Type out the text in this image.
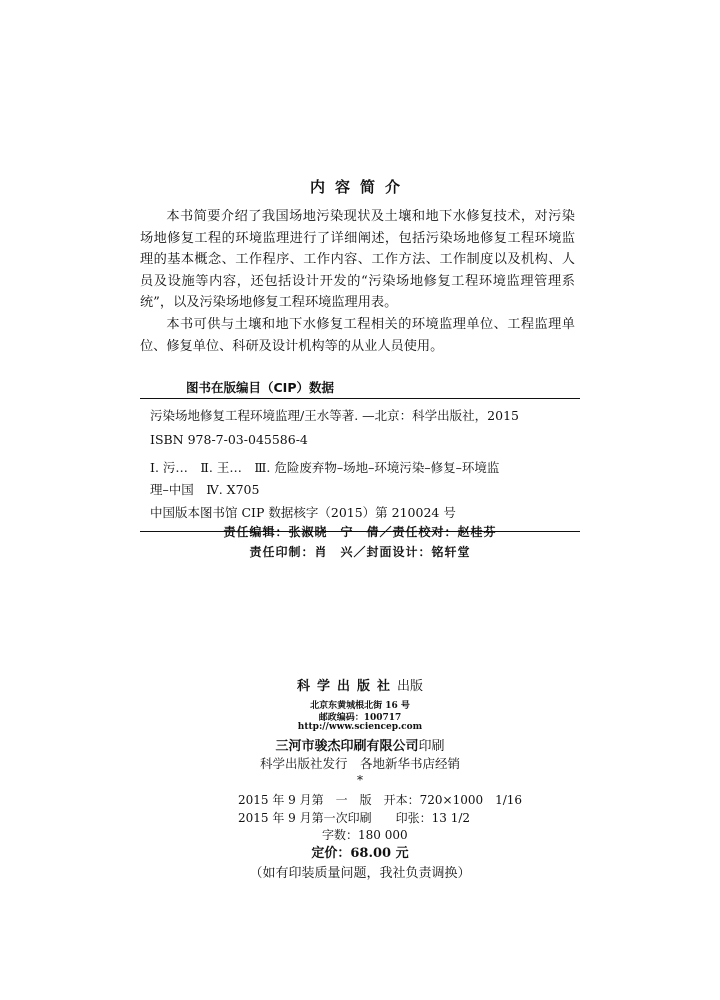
内容简介

本书简要介绍了我国场地污染现状及土壤和地下水修复技术，对污染场地修复工程的环境监理进行了详细阐述，包括污染场地修复工程环境监理的基本概念、工作程序、工作内容、工作方法、工作制度以及机构、人员及设施等内容，还包括设计开发的“污染场地修复工程环境监理管理系统”，以及污染场地修复工程环境监理用表。

本书可供与土壤和地下水修复工程相关的环境监理单位、工程监理单位、修复单位、科研及设计机构等的从业人员使用。

图书在版编目（CIP）数据
污染场地修复工程环境监理/王水等著. —北京：科学出版社，2015
ISBN 978-7-03-045586-4
Ⅰ. 污…　Ⅱ. 王…　Ⅲ. 危险废弃物–场地–环境污染–修复–环境监
理–中国　Ⅳ. X705
中国版本图书馆 CIP 数据核字（2015）第 210024 号
责任编辑：张淑晓　宁　倩／责任校对：赵桂芬
责任印制：肖　兴／封面设计：铭轩堂
科学出版社出版
北京东黄城根北街 16 号
邮政编码：100717
http://www.sciencep.com
三河市骏杰印刷有限公司印刷
科学出版社发行　各地新华书店经销
*
2015 年 9 月第　一　版　开本：720×1000　1/16
2015 年 9 月第一次印刷　　印张：13 1/2
字数：180 000
定价：68.00 元
（如有印装质量问题，我社负责调换）
